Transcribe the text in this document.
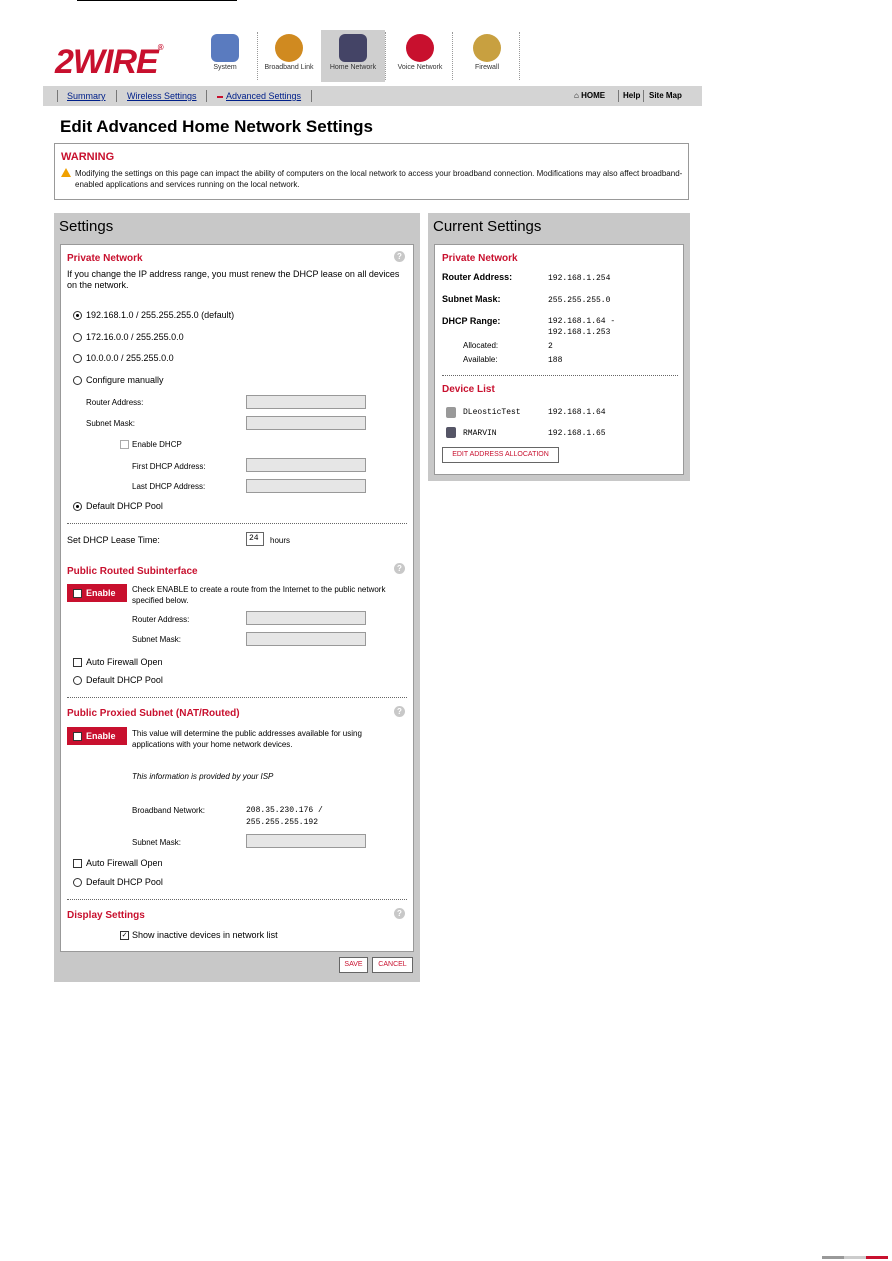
2WIRE®
System	Broadband Link	Home Network	Voice Network	Firewall
Summary Wireless Settings	Advanced Settings	⌂ HOME Help Site Map
Edit Advanced Home Network Settings
WARNING
Modifying the settings on this page can impact the ability of computers on the local network to access your broadband connection. Modifications may also affect broadband-enabled applications and services running on the local network.
Settings
Private Network	?
If you change the IP address range, you must renew the DHCP lease on all devices on the network.
192.168.1.0 / 255.255.255.0 (default)
172.16.0.0 / 255.255.0.0
10.0.0.0 / 255.255.0.0
Configure manually
Router Address:
Subnet Mask:
Enable DHCP
First DHCP Address:
Last DHCP Address:
Default DHCP Pool
Set DHCP Lease Time:	24	hours
Public Routed Subinterface	?
Enable Check ENABLE to create a route from the Internet to the public network specified below.
Router Address:
Subnet Mask:
Auto Firewall Open
Default DHCP Pool
Public Proxied Subnet (NAT/Routed)	?
Enable This value will determine the public addresses available for using applications with your home network devices.
This information is provided by your ISP
Broadband Network:	208.35.230.176 /
255.255.255.192
Subnet Mask:
Auto Firewall Open
Default DHCP Pool
Display Settings	?
✓ Show inactive devices in network list
SAVE	CANCEL
Current Settings
Private Network
Router Address:	192.168.1.254
Subnet Mask:	255.255.255.0
DHCP Range:	192.168.1.64 -
192.168.1.253
Allocated:	2
Available:	188
Device List
DLeosticTest	192.168.1.64
RMARVIN	192.168.1.65
EDIT ADDRESS ALLOCATION
